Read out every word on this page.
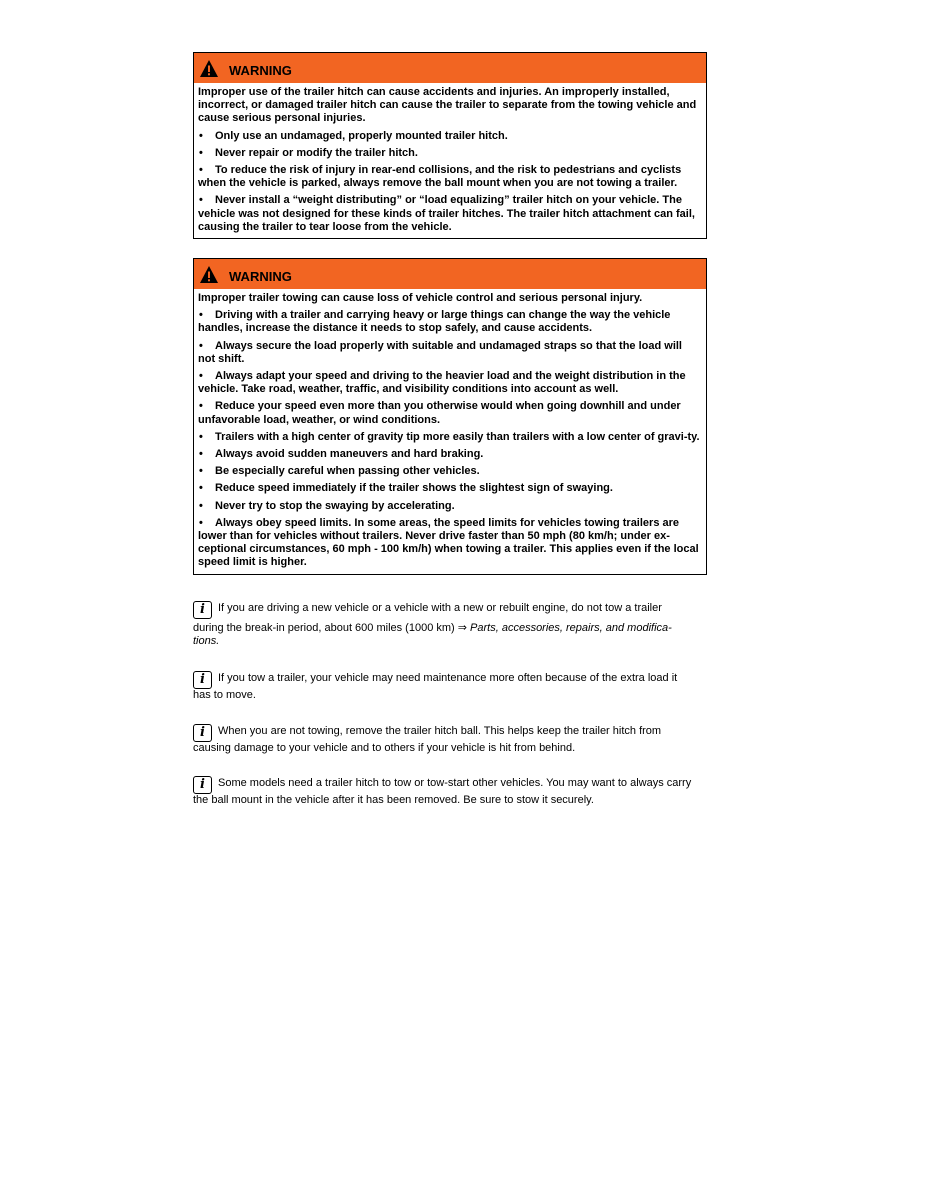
WARNING

Improper use of the trailer hitch can cause accidents and injuries. An improperly installed, incorrect, or damaged trailer hitch can cause the trailer to separate from the towing vehicle and cause serious personal injuries.

• Only use an undamaged, properly mounted trailer hitch.

• Never repair or modify the trailer hitch.

• To reduce the risk of injury in rear-end collisions, and the risk to pedestrians and cyclists when the vehicle is parked, always remove the ball mount when you are not towing a trailer.

• Never install a “weight distributing” or “load equalizing” trailer hitch on your vehicle. The vehicle was not designed for these kinds of trailer hitches. The trailer hitch attachment can fail, causing the trailer to tear loose from the vehicle.

WARNING

Improper trailer towing can cause loss of vehicle control and serious personal injury.

• Driving with a trailer and carrying heavy or large things can change the way the vehicle handles, increase the distance it needs to stop safely, and cause accidents.

• Always secure the load properly with suitable and undamaged straps so that the load will not shift.

• Always adapt your speed and driving to the heavier load and the weight distribution in the vehicle. Take road, weather, traffic, and visibility conditions into account as well.

• Reduce your speed even more than you otherwise would when going downhill and under unfavorable load, weather, or wind conditions.

• Trailers with a high center of gravity tip more easily than trailers with a low center of gravi-ty.

• Always avoid sudden maneuvers and hard braking.

• Be especially careful when passing other vehicles.

• Reduce speed immediately if the trailer shows the slightest sign of swaying.

• Never try to stop the swaying by accelerating.

• Always obey speed limits. In some areas, the speed limits for vehicles towing trailers are lower than for vehicles without trailers. Never drive faster than 50 mph (80 km/h; under ex-ceptional circumstances, 60 mph - 100 km/h) when towing a trailer. This applies even if the local speed limit is higher.

i If you are driving a new vehicle or a vehicle with a new or rebuilt engine, do not tow a trailer
during the break-in period, about 600 miles (1000 km) ⇒ Parts, accessories, repairs, and modifica-tions.
i If you tow a trailer, your vehicle may need maintenance more often because of the extra load it has to move.
i When you are not towing, remove the trailer hitch ball. This helps keep the trailer hitch from causing damage to your vehicle and to others if your vehicle is hit from behind.
i Some models need a trailer hitch to tow or tow-start other vehicles. You may want to always carry the ball mount in the vehicle after it has been removed. Be sure to stow it securely.
